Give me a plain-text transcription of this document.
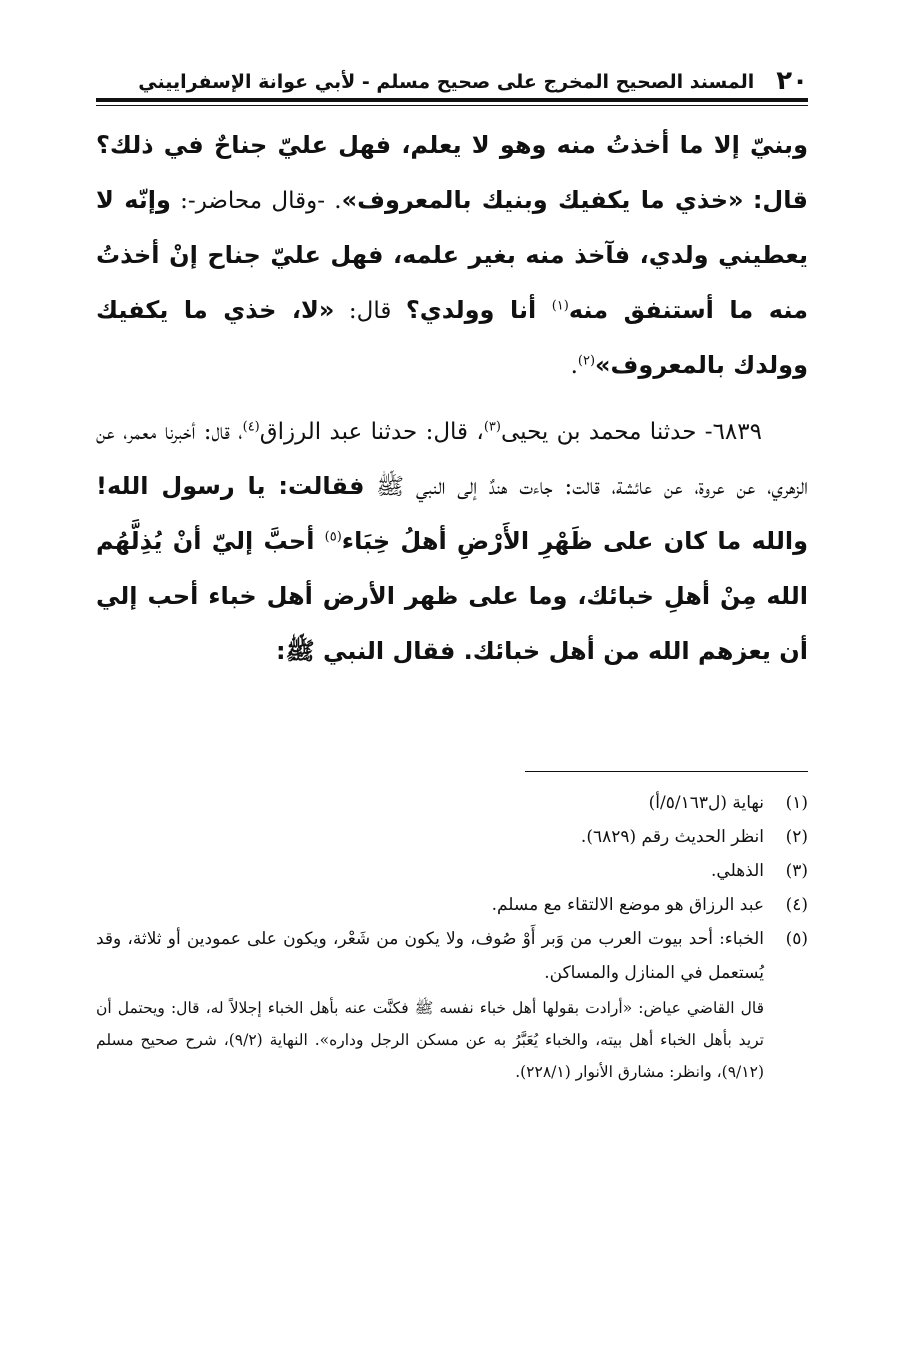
٢٠
المسند الصحيح المخرج على صحيح مسلم - لأبي عوانة الإسفراييني

وبنيّ إلا ما أخذتُ منه وهو لا يعلم، فهل عليّ جناحٌ في ذلك؟ قال: «خذي ما يكفيك وبنيك بالمعروف». -وقال محاضر-: وإنّه لا يعطيني ولدي، فآخذ منه بغير علمه، فهل عليّ جناح إنْ أخذتُ منه ما أستنفق منه$^{(١)}$ أنا وولدي؟ قال: «لا، خذي ما يكفيك وولدك بالمعروف»$^{(٢)}$.

٦٨٣٩- حدثنا محمد بن يحيى$^{(٣)}$، قال: حدثنا عبد الرزاق$^{(٤)}$، قال: أخبرنا معمر، عن الزهري، عن عروة، عن عائشة، قالت: جاءت هندٌ إلى النبي ﷺ فقالت: يا رسول الله! والله ما كان على ظَهْرِ الأَرْضِ أهلُ خِبَاء$^{(٥)}$ أحبَّ إليّ أنْ يُذِلَّهُم الله مِنْ أهلِ خبائك، وما على ظهر الأرض أهل خباء أحب إلي أن يعزهم الله من أهل خبائك. فقال النبي ﷺ:

(١)
نهاية (ل٥/١٦٣/أ)

(٢)
انظر الحديث رقم (٦٨٢٩).

(٣)
الذهلي.

(٤)
عبد الرزاق هو موضع الالتقاء مع مسلم.

(٥)
الخباء: أحد بيوت العرب من وَبر أَوْ صُوف، ولا يكون من شَعْر، ويكون على عمودين أو ثلاثة، وقد يُستعمل في المنازل والمساكن.

قال القاضي عياض: «أرادت بقولها أهل خباء نفسه ﷺ فكنَّت عنه بأهل الخباء إجلالاً له، قال: ويحتمل أن تريد بأهل الخباء أهل بيته، والخباء يُعَبَّرُ به عن مسكن الرجل وداره». النهاية (٩/٢)، شرح صحيح مسلم (٩/١٢)، وانظر: مشارق الأنوار (٢٢٨/١).
